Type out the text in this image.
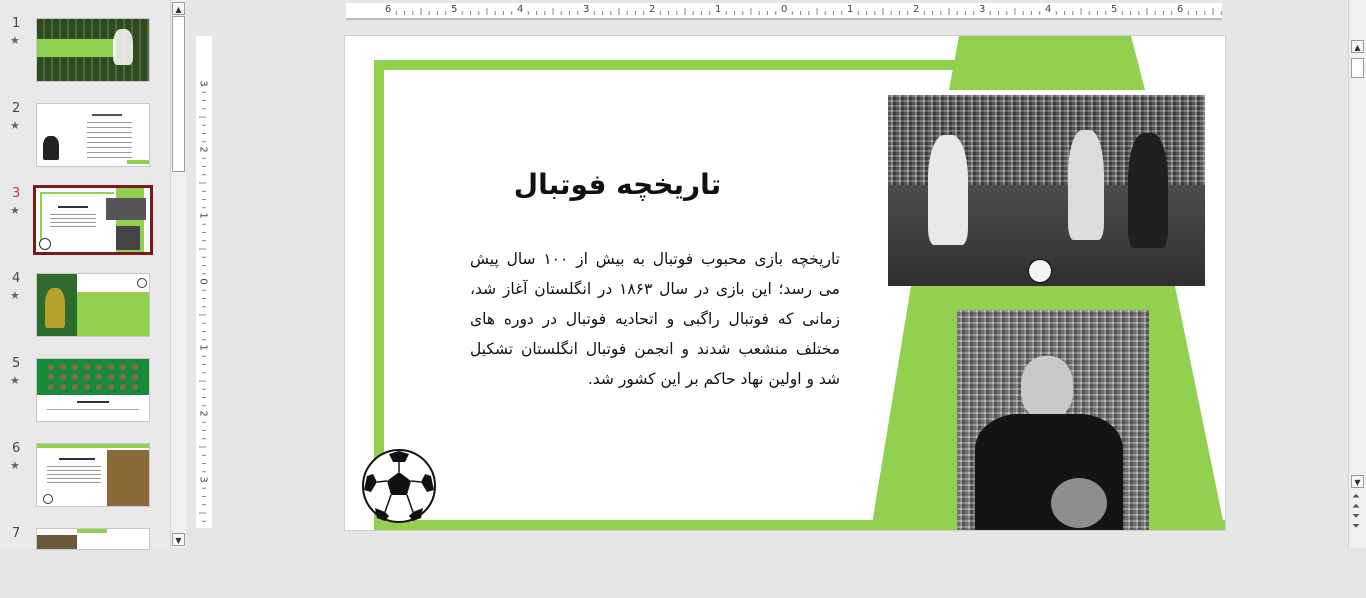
1
★
2
★
3
★
4
★
5
★
6
★
7
▲
▼
6	5	4	3	2	1	0	1	2	3	4	5	6
3
2
1
0
1
2
3
تاریخچه فوتبال
تاریخچه بازی محبوب فوتبال به بیش از ۱۰۰ سال پیش می رسد؛ این بازی در سال ۱۸۶۳ در انگلستان آغاز شد، زمانی که فوتبال راگبی و اتحادیه فوتبال در دوره های مختلف منشعب شدند و انجمن فوتبال انگلستان تشکیل شد و اولین نهاد حاکم بر این کشور شد.
▲
▼
⏶
⏶
⏷
⏷
